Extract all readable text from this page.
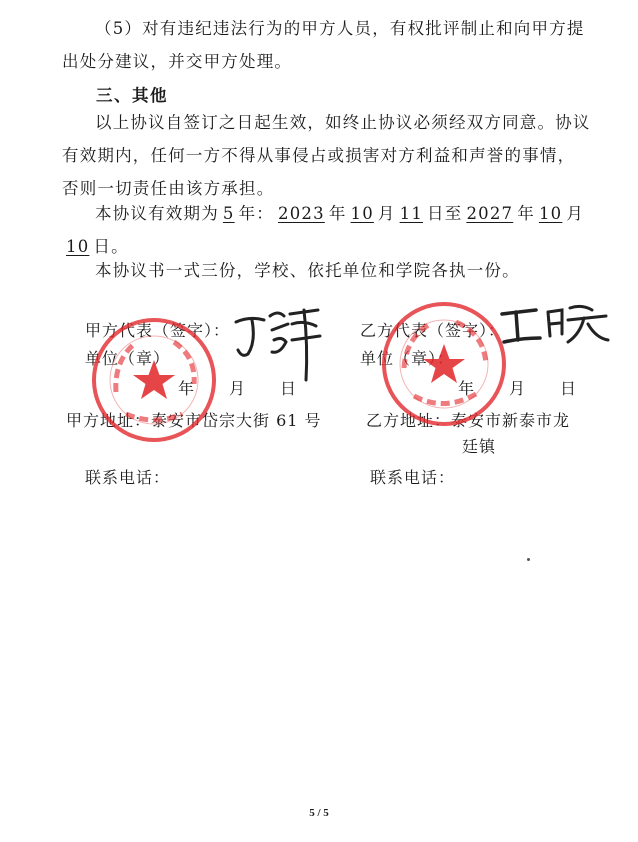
（5）对有违纪违法行为的甲方人员，有权批评制止和向甲方提出处分建议，并交甲方处理。
三、其他
以上协议自签订之日起生效，如终止协议必须经双方同意。协议有效期内，任何一方不得从事侵占或损害对方利益和声誉的事情，否则一切责任由该方承担。
本协议有效期为 5 年： 2023 年 10 月 11 日至 2027 年 10 月10 日。
本协议书一式三份，学校、依托单位和学院各执一份。
甲方代表（签字）：
单位（章）
年　　月　　日
甲方地址：泰安市岱宗大街 61 号
联系电话：
乙方代表（签字）：
单位（章）：
年　　月　　日
乙方地址：泰安市新泰市龙
廷镇
联系电话：
5 / 5
